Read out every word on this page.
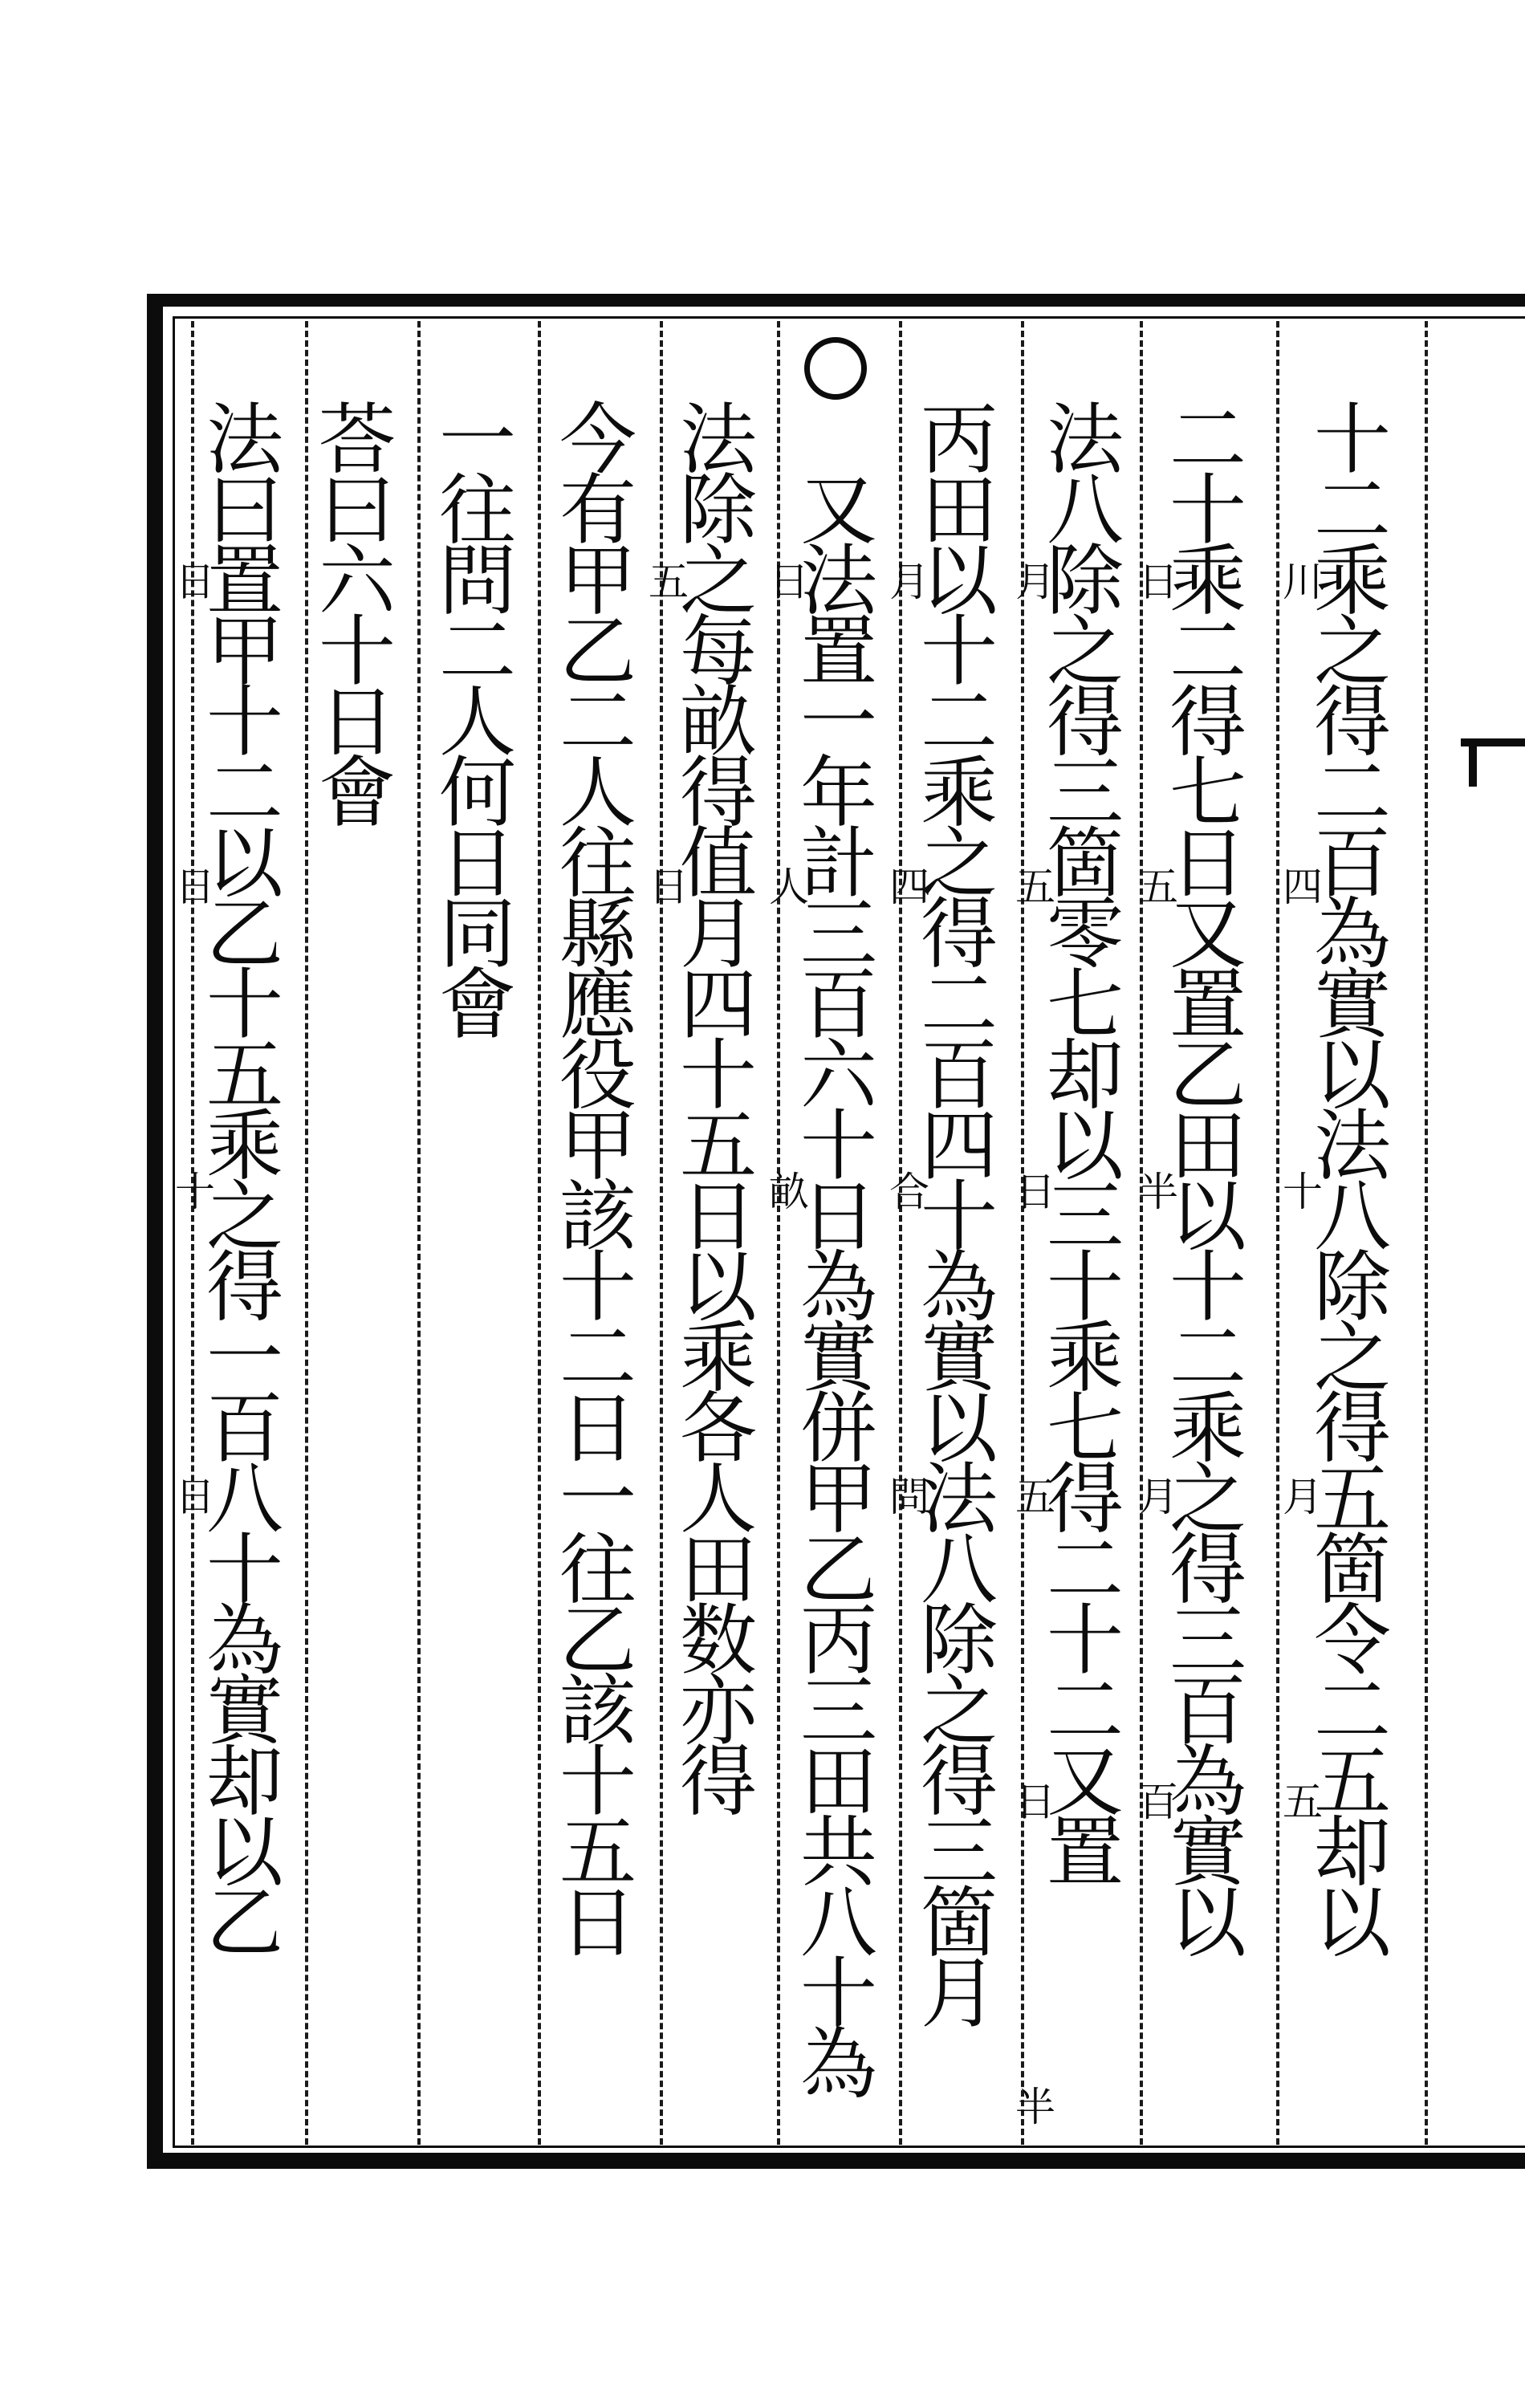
十
二
乘
之
得
二
百
為
實
以
法
八
除
之
得
五
箇
令
二
五
却
以
川
四
十
月
五
二
十
乘
二
得
七
日
又
置
乙
田
以
十
二
乘
之
得
三
百
為
實
以
日
五
半
月
百
法
八
除
之
得
三
箇
零
七
却
以
三
十
乘
七
得
二
十
二
又
置
月
五
日
五
日
半
丙
田
以
十
二
乘
之
得
二
百
四
十
為
實
以
法
八
除
之
得
三
箇
月
月
四
合
問
又
法
置
一
年
計
三
百
六
十
日
為
實
併
甲
乙
丙
三
田
共
八
十
為
日
人
畝
法
除
之
每
畝
得
值
月
四
十
五
日
以
乘
各
人
田
数
亦
得
五
日
今
有
甲
乙
二
人
往
縣
應
役
甲
該
十
二
日
一
往
乙
該
十
五
日
一
往
問
二
人
何
日
同
會
荅
曰
六
十
日
會
法
曰
置
甲
十
二
以
乙
十
五
乘
之
得
一
百
八
十
為
實
却
以
乙
日
日
十
日
